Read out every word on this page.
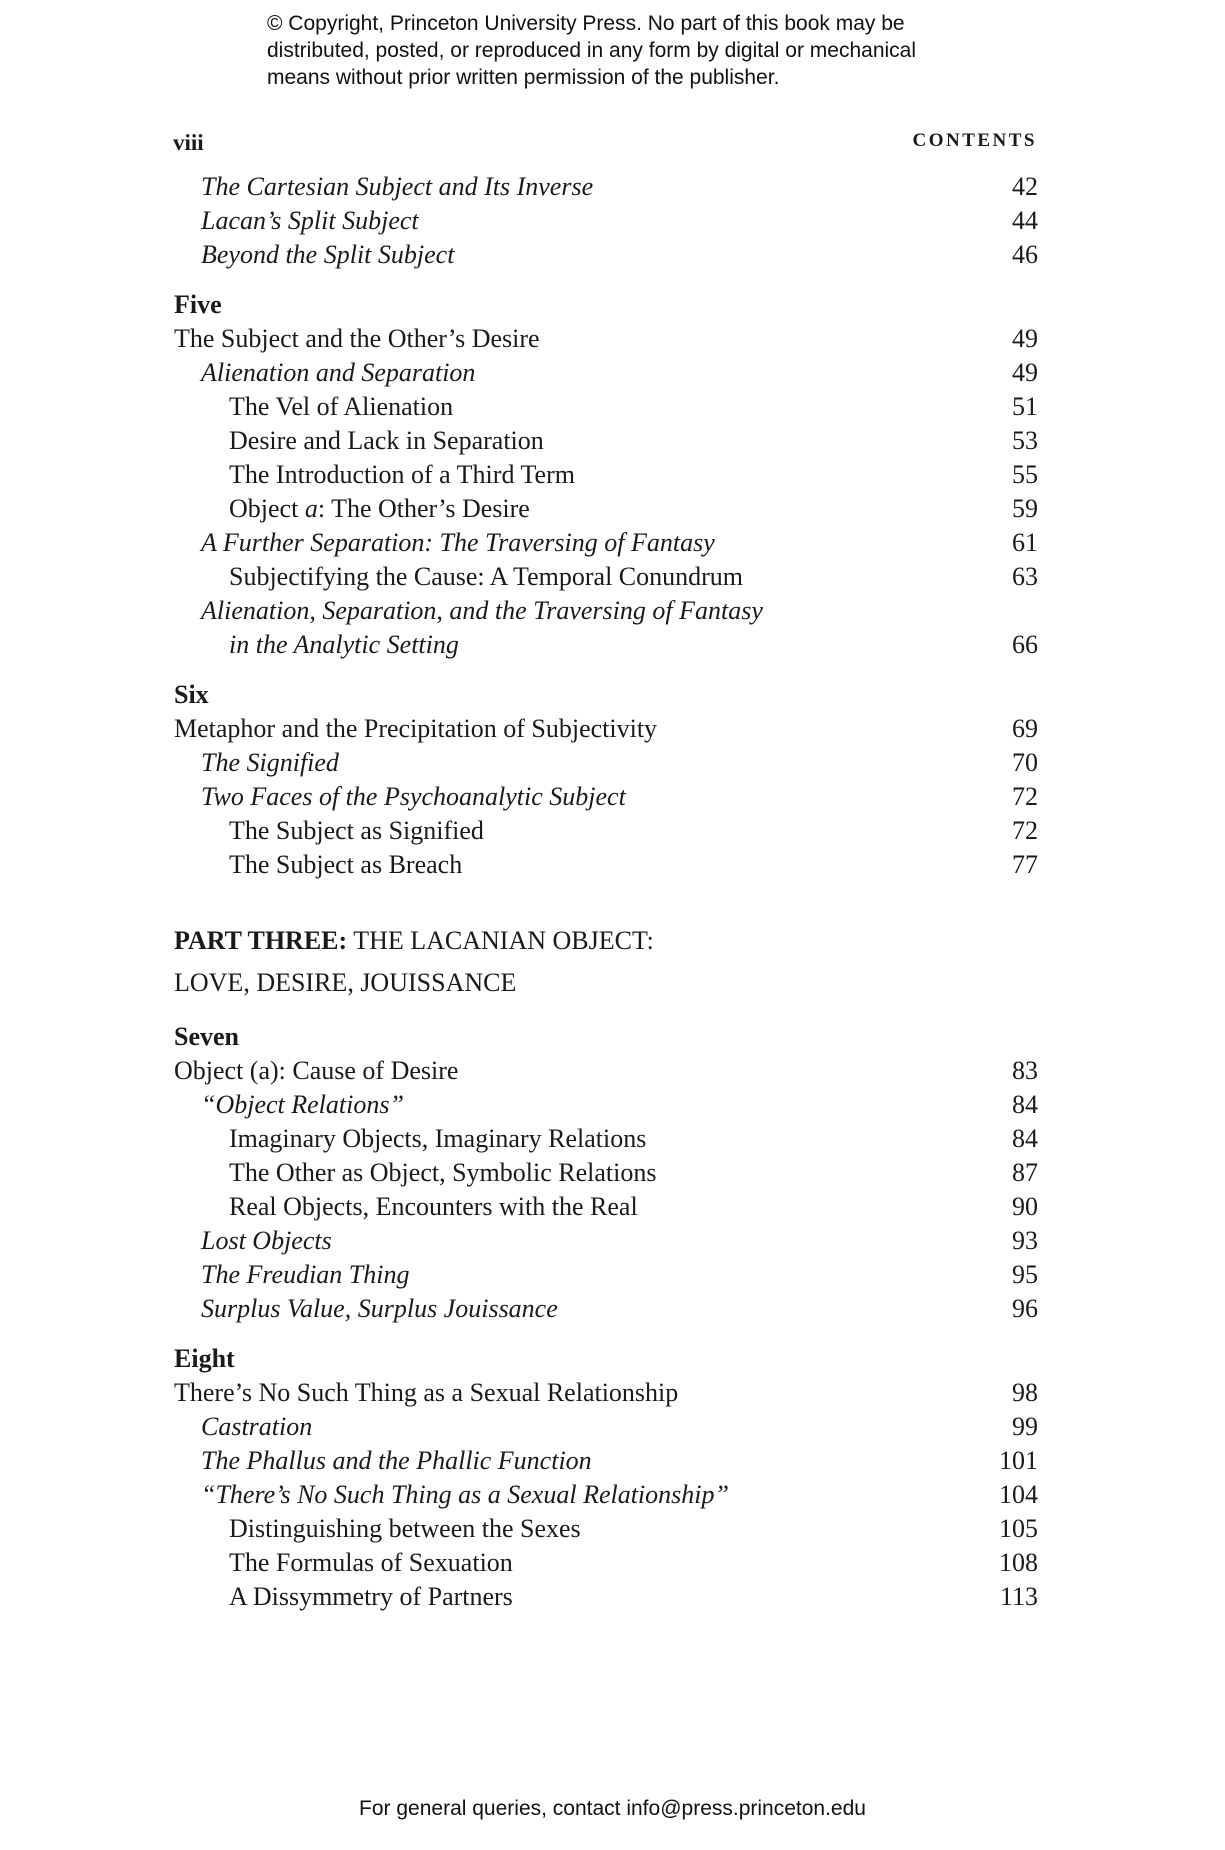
© Copyright, Princeton University Press. No part of this book may be
distributed, posted, or reproduced in any form by digital or mechanical
means without prior written permission of the publisher.
viii	CONTENTS
The Cartesian Subject and Its Inverse	42
Lacan’s Split Subject	44
Beyond the Split Subject	46
Five
The Subject and the Other’s Desire	49
Alienation and Separation	49
The Vel of Alienation	51
Desire and Lack in Separation	53
The Introduction of a Third Term	55
Object a: The Other’s Desire	59
A Further Separation: The Traversing of Fantasy	61
Subjectifying the Cause: A Temporal Conundrum	63
Alienation, Separation, and the Traversing of Fantasy
in the Analytic Setting	66
Six
Metaphor and the Precipitation of Subjectivity	69
The Signified	70
Two Faces of the Psychoanalytic Subject	72
The Subject as Signified	72
The Subject as Breach	77
PART THREE: THE LACANIAN OBJECT:
LOVE, DESIRE, JOUISSANCE
Seven
Object (a): Cause of Desire	83
“Object Relations”	84
Imaginary Objects, Imaginary Relations	84
The Other as Object, Symbolic Relations	87
Real Objects, Encounters with the Real	90
Lost Objects	93
The Freudian Thing	95
Surplus Value, Surplus Jouissance	96
Eight
There’s No Such Thing as a Sexual Relationship	98
Castration	99
The Phallus and the Phallic Function	101
“There’s No Such Thing as a Sexual Relationship”	104
Distinguishing between the Sexes	105
The Formulas of Sexuation	108
A Dissymmetry of Partners	113
For general queries, contact info@press.princeton.edu
